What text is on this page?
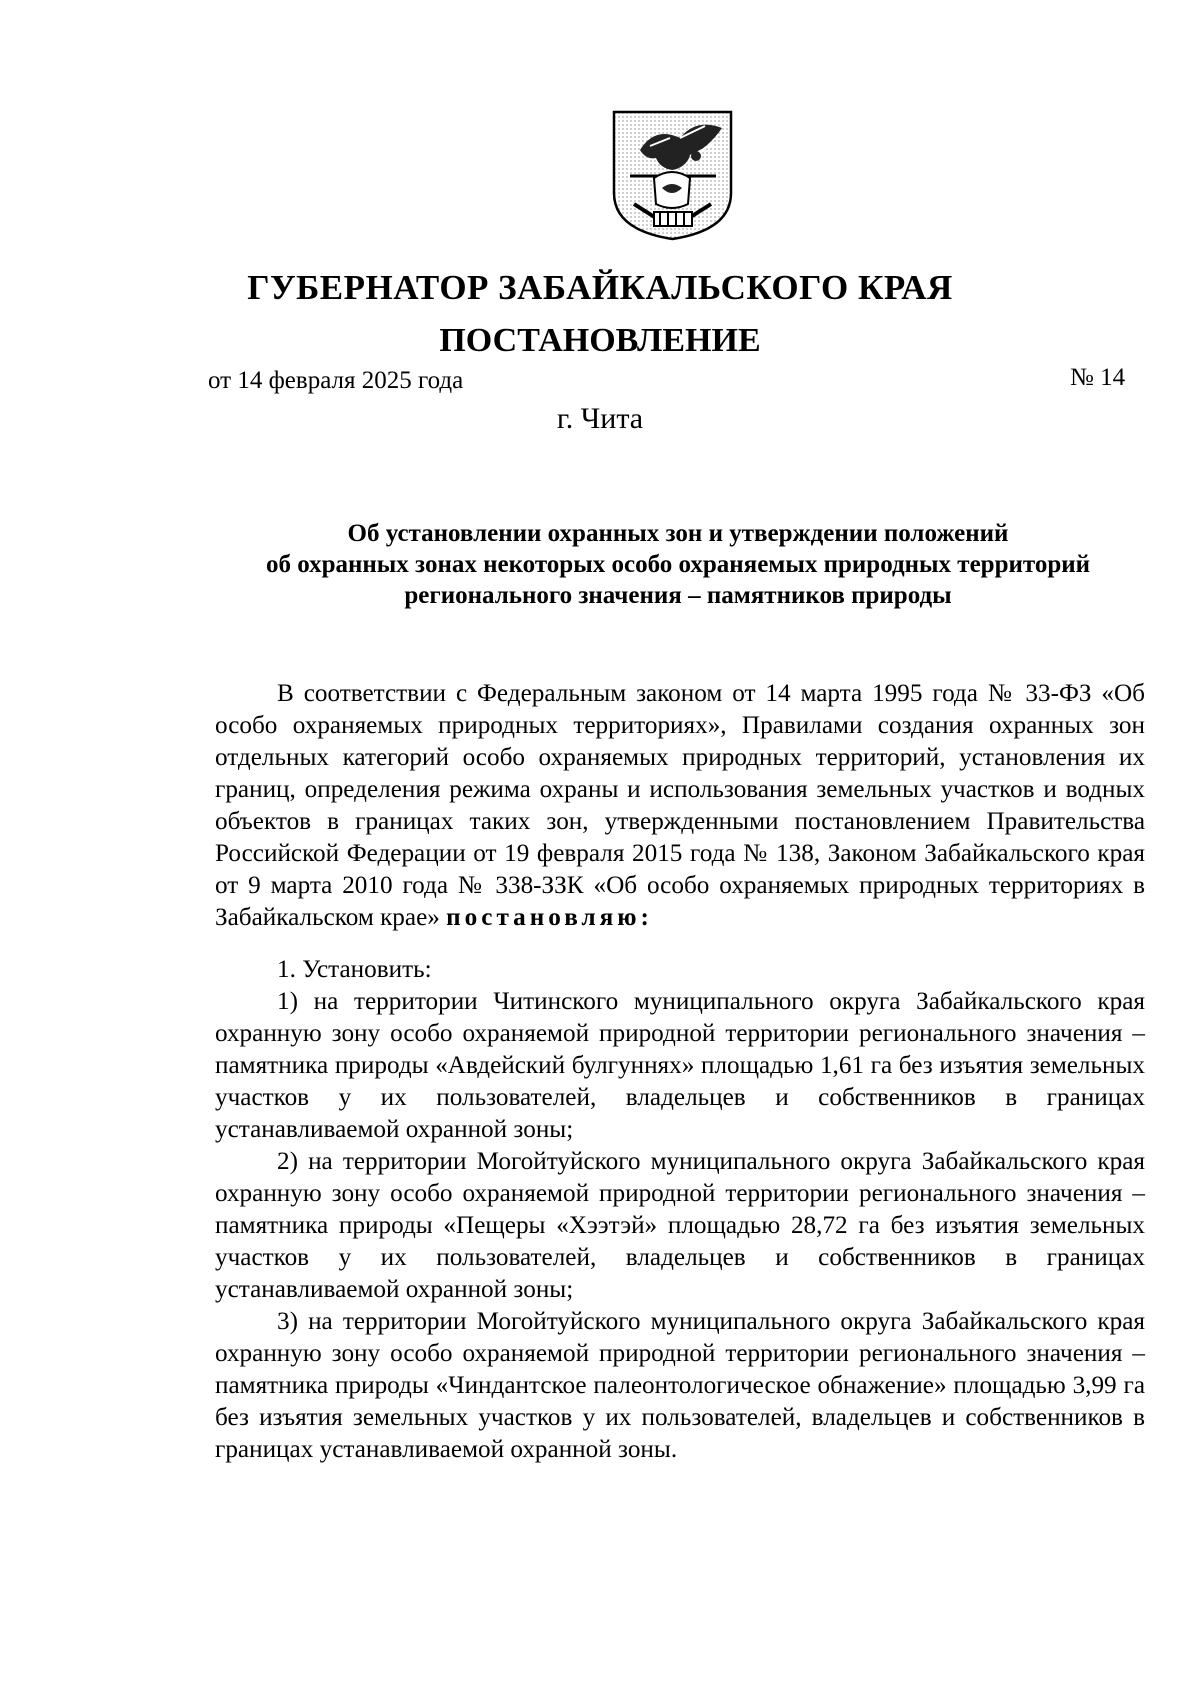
ГУБЕРНАТОР ЗАБАЙКАЛЬСКОГО КРАЯ
ПОСТАНОВЛЕНИЕ
от 14 февраля 2025 года	№ 14
г. Чита
Об установлении охранных зон и утверждении положений
об охранных зонах некоторых особо охраняемых природных территорий
регионального значения – памятников природы

В соответствии с Федеральным законом от 14 марта 1995 года № 33-ФЗ «Об особо охраняемых природных территориях», Правилами создания охранных зон отдельных категорий особо охраняемых природных территорий, установления их границ, определения режима охраны и использования земельных участков и водных объектов в границах таких зон, утвержденными постановлением Правительства Российской Федерации от 19 февраля 2015 года № 138, Законом Забайкальского края от 9 марта 2010 года № 338-ЗЗК «Об особо охраняемых природных территориях в Забайкальском крае» постановляю:

1. Установить:

1) на территории Читинского муниципального округа Забайкальского края охранную зону особо охраняемой природной территории регионального значения – памятника природы «Авдейский булгуннях» площадью 1,61 га без изъятия земельных участков у их пользователей, владельцев и собственников в границах устанавливаемой охранной зоны;

2) на территории Могойтуйского муниципального округа Забайкальского края охранную зону особо охраняемой природной территории регионального значения – памятника природы «Пещеры «Хээтэй» площадью 28,72 га без изъятия земельных участков у их пользователей, владельцев и собственников в границах устанавливаемой охранной зоны;

3) на территории Могойтуйского муниципального округа Забайкальского края охранную зону особо охраняемой природной территории регионального значения – памятника природы «Чиндантское палеонтологическое обнажение» площадью 3,99 га без изъятия земельных участков у их пользователей, владельцев и собственников в границах устанавливаемой охранной зоны.
